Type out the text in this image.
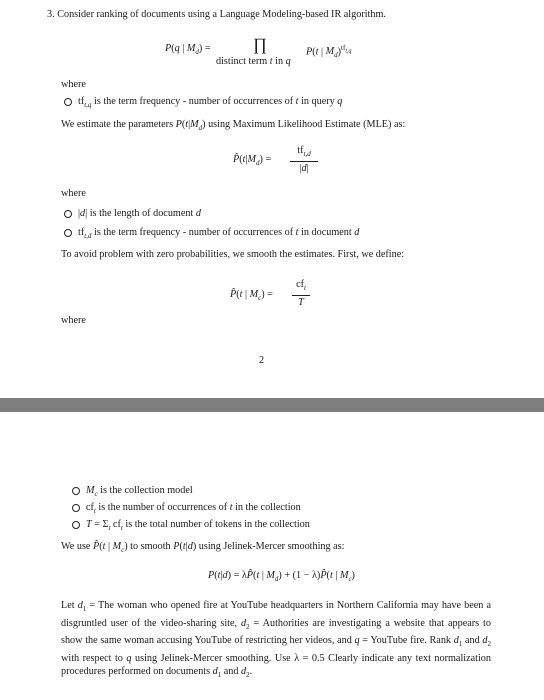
3. Consider ranking of documents using a Language Modeling-based IR algorithm.
P(q | $M_d$) = ∏
distinct term t in q
P(t | $M_d)^{tf_{t,q}}$
where
$tf_{t,q}$ is the term frequency - number of occurrences of t in query q
We estimate the parameters $P(t|M_d)$ using Maximum Likelihood Estimate (MLE) as:
$P̂(t|M_d)$ =
$tf_{t,d}$
|d|
where
|d| is the length of document d
$tf_{t,d}$ is the term frequency - number of occurrences of t in document d
To avoid problem with zero probabilities, we smooth the estimates. First, we define:
P̂(t | $M_c$) =
$cf_t$
T
where
2
$M_c$ is the collection model
$cf_t$ is the number of occurrences of t in the collection
$T = \Sigma_t$ $cf_t$ is the total number of tokens in the collection
We use P̂(t | $M_c$) to smooth P(t|d) using Jelinek-Mercer smoothing as:
P(t|d) = λP̂(t | $M_d) + (1$ − λ)P̂(t | $M_c$)
Let $d_1$ = The woman who opened fire at YouTube headquarters in Northern California may have been a disgruntled user of the video-sharing site, $d_2$ = Authorities are investigating a website that appears to show the same woman accusing YouTube of restricting her videos, and q = YouTube fire. Rank $d_1$ and $d_2$ with respect to q using Jelinek-Mercer smoothing. Use λ = 0.5 Clearly indicate any text normalization procedures performed on documents $d_1$ and $d_2$.
